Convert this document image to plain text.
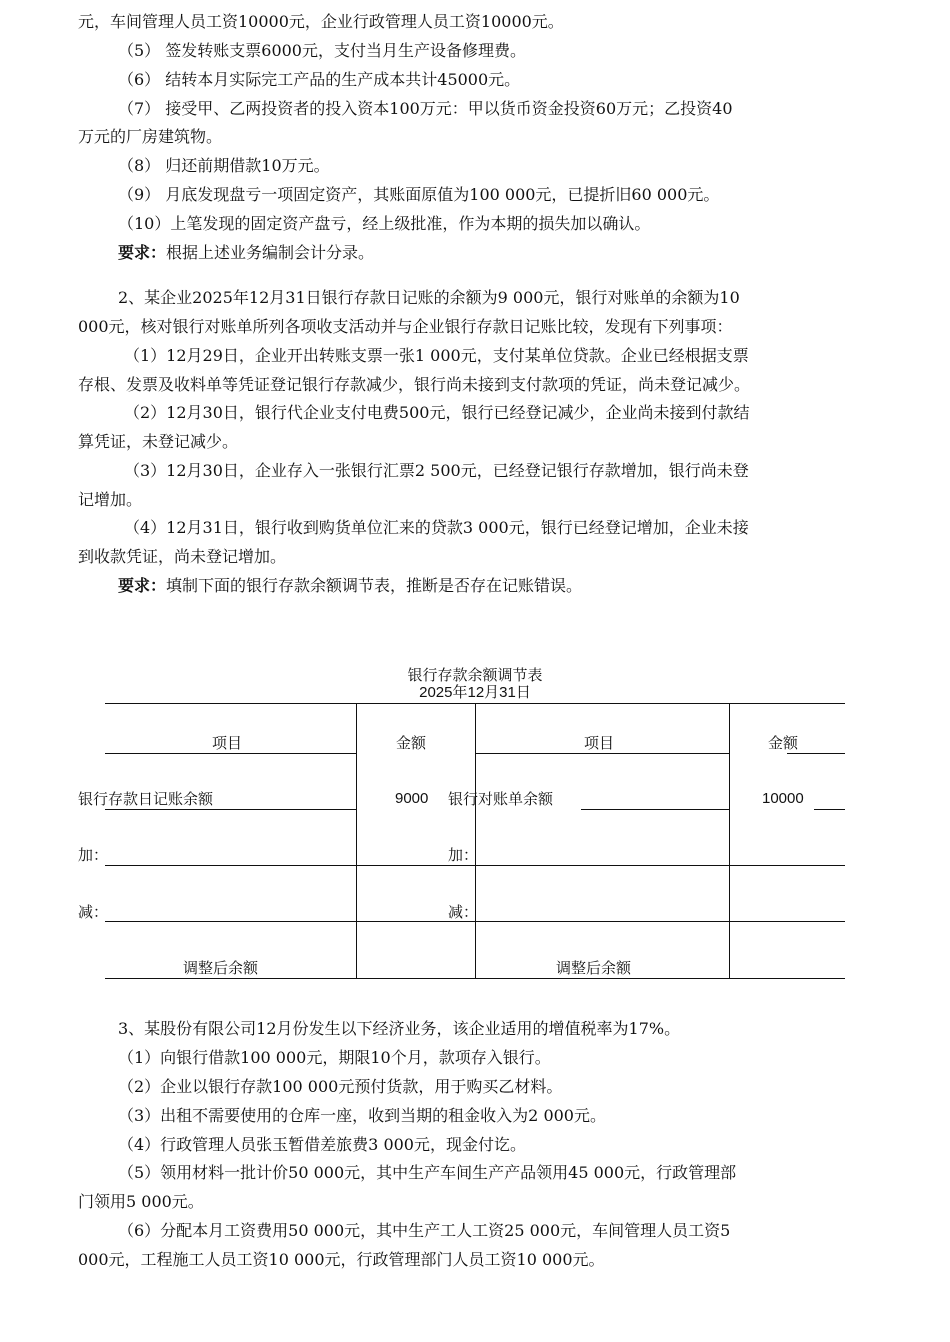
元，车间管理人员工资10000元，企业行政管理人员工资10000元。
（5） 签发转账支票6000元，支付当月生产设备修理费。
（6） 结转本月实际完工产品的生产成本共计45000元。
（7） 接受甲、乙两投资者的投入资本100万元：甲以货币资金投资60万元；乙投资40
万元的厂房建筑物。
（8） 归还前期借款10万元。
（9） 月底发现盘亏一项固定资产，其账面原值为100 000元，已提折旧60 000元。
（10）上笔发现的固定资产盘亏，经上级批准，作为本期的损失加以确认。
要求：根据上述业务编制会计分录。
2、某企业2025年12月31日银行存款日记账的余额为9 000元，银行对账单的余额为10
000元，核对银行对账单所列各项收支活动并与企业银行存款日记账比较，发现有下列事项：
（1）12月29日，企业开出转账支票一张1 000元，支付某单位贷款。企业已经根据支票
存根、发票及收料单等凭证登记银行存款减少，银行尚未接到支付款项的凭证，尚未登记减少。
（2）12月30日，银行代企业支付电费500元，银行已经登记减少，企业尚未接到付款结
算凭证，未登记减少。
（3）12月30日，企业存入一张银行汇票2 500元，已经登记银行存款增加，银行尚未登
记增加。
（4）12月31日，银行收到购货单位汇来的贷款3 000元，银行已经登记增加，企业未接
到收款凭证，尚未登记增加。
要求：填制下面的银行存款余额调节表，推断是否存在记账错误。
银行存款余额调节表
2025年12月31日
项目	金额	项目	金额
银行存款日记账余额	9000 银行对账单余额	10000
加：	加：
减：	减：
调整后余额	调整后余额
3、某股份有限公司12月份发生以下经济业务，该企业适用的增值税率为17%。
（1）向银行借款100 000元，期限10个月，款项存入银行。
（2）企业以银行存款100 000元预付货款，用于购买乙材料。
（3）出租不需要使用的仓库一座，收到当期的租金收入为2 000元。
（4）行政管理人员张玉暂借差旅费3 000元，现金付讫。
（5）领用材料一批计价50 000元，其中生产车间生产产品领用45 000元，行政管理部
门领用5 000元。
（6）分配本月工资费用50 000元，其中生产工人工资25 000元，车间管理人员工资5
000元，工程施工人员工资10 000元，行政管理部门人员工资10 000元。
